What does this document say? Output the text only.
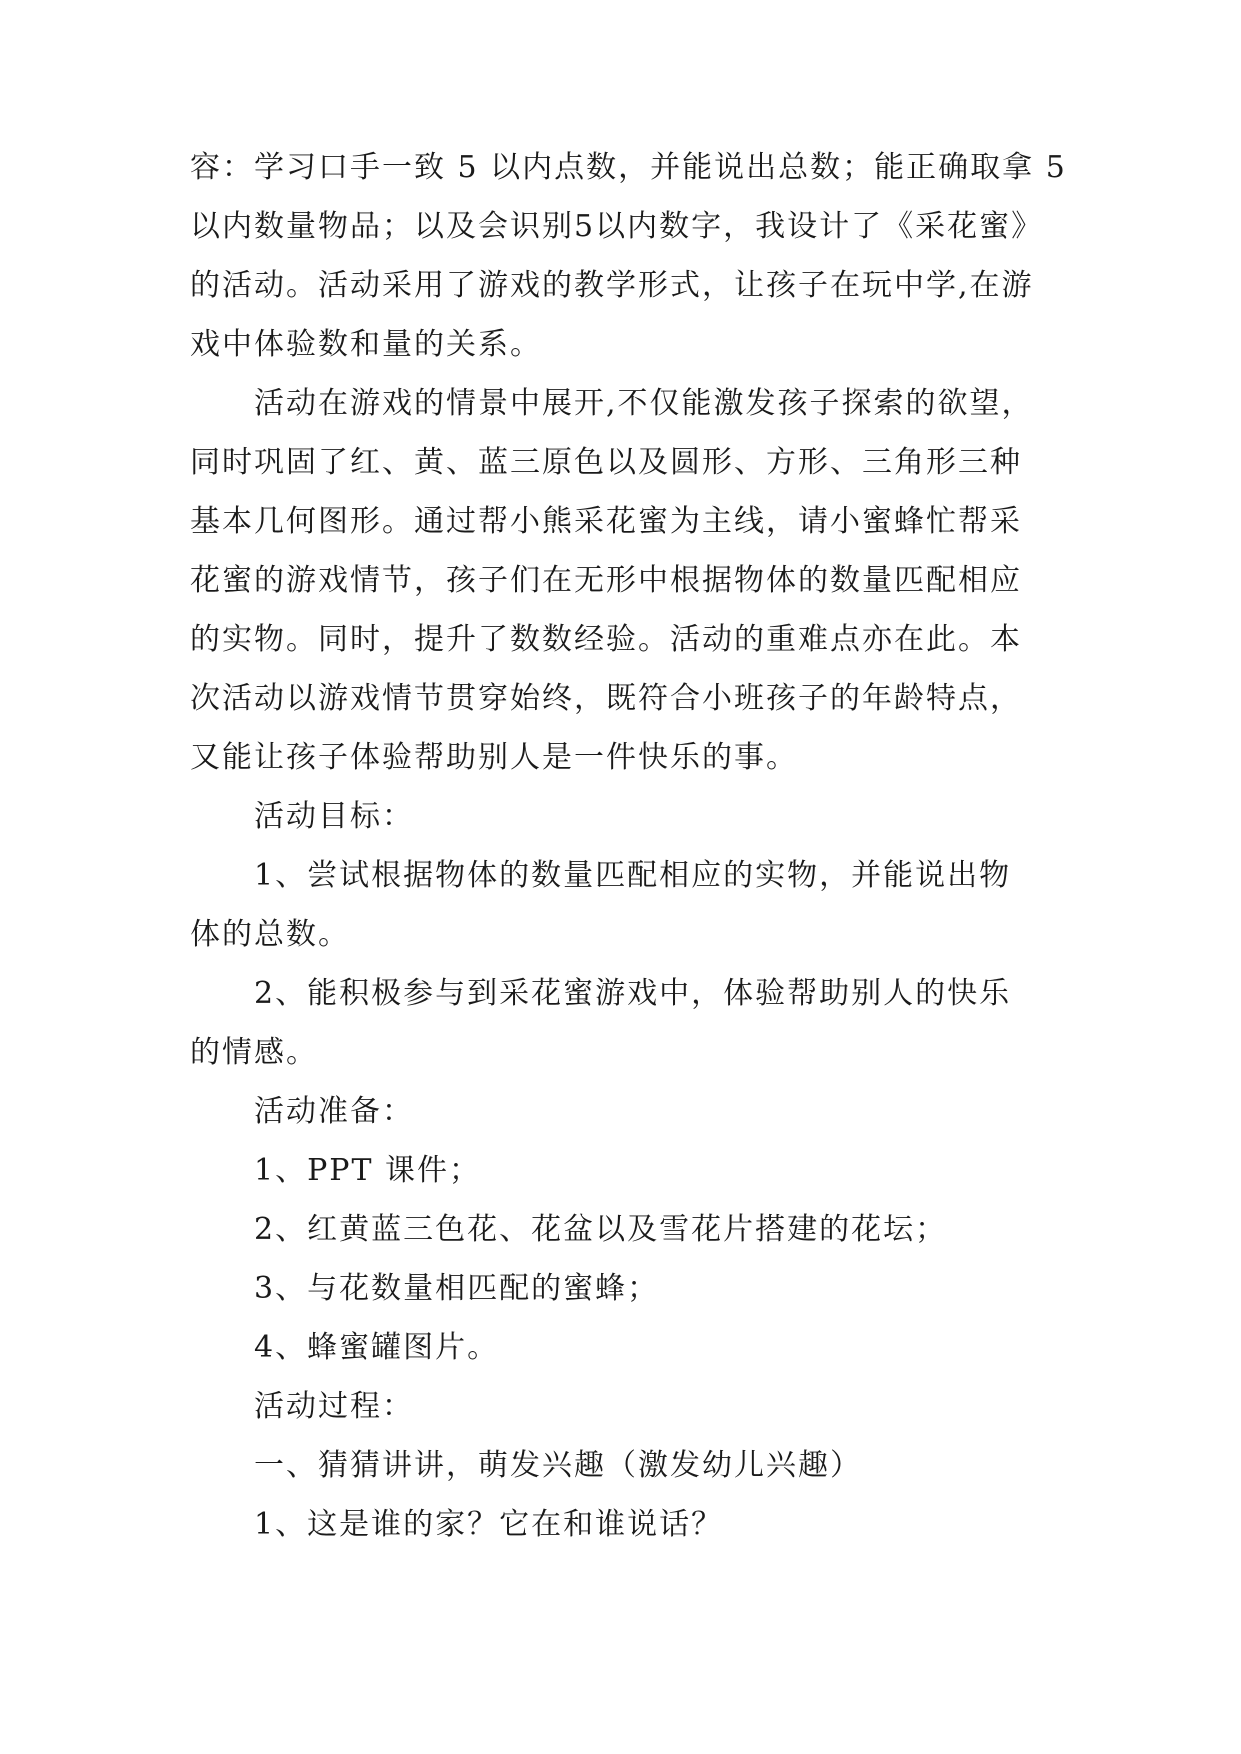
容：学习口手一致 5 以内点数，并能说出总数；能正确取拿 5
以内数量物品；以及会识别5以内数字，我设计了《采花蜜》
的活动。活动采用了游戏的教学形式，让孩子在玩中学,在游
戏中体验数和量的关系。
活动在游戏的情景中展开,不仅能激发孩子探索的欲望，
同时巩固了红、黄、蓝三原色以及圆形、方形、三角形三种
基本几何图形。通过帮小熊采花蜜为主线，请小蜜蜂忙帮采
花蜜的游戏情节，孩子们在无形中根据物体的数量匹配相应
的实物。同时，提升了数数经验。活动的重难点亦在此。本
次活动以游戏情节贯穿始终，既符合小班孩子的年龄特点，
又能让孩子体验帮助别人是一件快乐的事。
活动目标：
1、尝试根据物体的数量匹配相应的实物，并能说出物
体的总数。
2、能积极参与到采花蜜游戏中，体验帮助别人的快乐
的情感。
活动准备：
1、PPT 课件；
2、红黄蓝三色花、花盆以及雪花片搭建的花坛；
3、与花数量相匹配的蜜蜂；
4、蜂蜜罐图片。
活动过程：
一、猜猜讲讲，萌发兴趣（激发幼儿兴趣）
1、这是谁的家？它在和谁说话？
